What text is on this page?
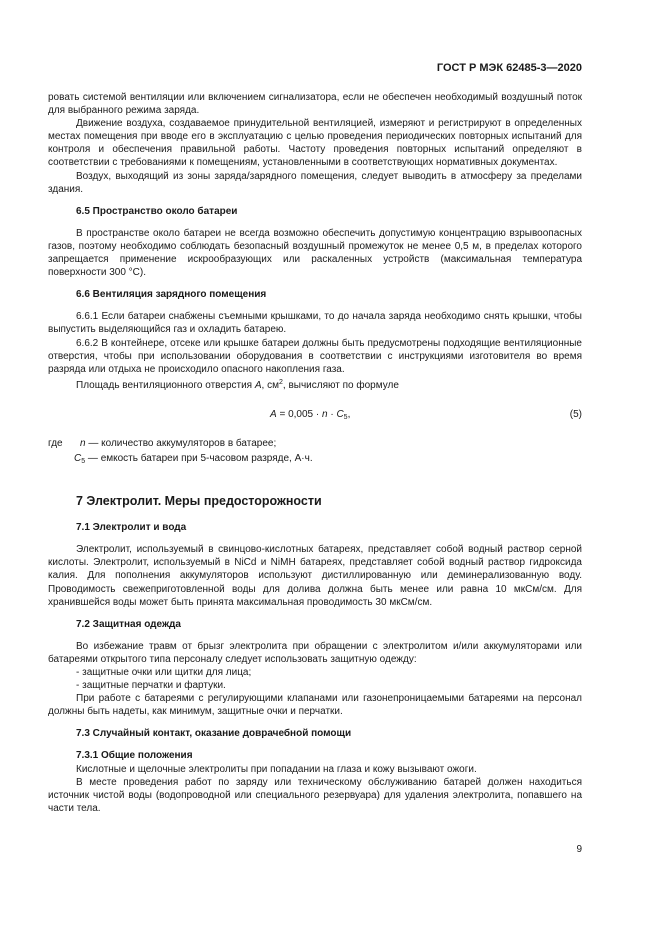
ГОСТ Р МЭК 62485-3—2020

ровать системой вентиляции или включением сигнализатора, если не обеспечен необходимый воздушный поток для выбранного режима заряда.

Движение воздуха, создаваемое принудительной вентиляцией, измеряют и регистрируют в определенных местах помещения при вводе его в эксплуатацию с целью проведения периодических повторных испытаний для контроля и обеспечения правильной работы. Частоту проведения повторных испытаний определяют в соответствии с требованиями к помещениям, установленными в соответствующих нормативных документах.

Воздух, выходящий из зоны заряда/зарядного помещения, следует выводить в атмосферу за пределами здания.

6.5 Пространство около батареи

В пространстве около батареи не всегда возможно обеспечить допустимую концентрацию взрывоопасных газов, поэтому необходимо соблюдать безопасный воздушный промежуток не менее 0,5 м, в пределах которого запрещается применение искрообразующих или раскаленных устройств (максимальная температура поверхности 300 °С).

6.6 Вентиляция зарядного помещения

6.6.1 Если батареи снабжены съемными крышками, то до начала заряда необходимо снять крышки, чтобы выпустить выделяющийся газ и охладить батарею.

6.6.2 В контейнере, отсеке или крышке батареи должны быть предусмотрены подходящие вентиляционные отверстия, чтобы при использовании оборудования в соответствии с инструкциями изготовителя во время разряда или отдыха не происходило опасного накопления газа.

Площадь вентиляционного отверстия А, $см^2$, вычисляют по формуле

$А = 0,005 \cdot n \cdot С_5$,	(5)
где n — количество аккумуляторов в батарее;
$С_5$ — емкость батареи при 5-часовом разряде, А·ч.
7 Электролит. Меры предосторожности
7.1 Электролит и вода

Электролит, используемый в свинцово-кислотных батареях, представляет собой водный раствор серной кислоты. Электролит, используемый в NiCd и NiMH батареях, представляет собой водный раствор гидроксида калия. Для пополнения аккумуляторов используют дистиллированную или деминерализованную воду. Проводимость свежеприготовленной воды для долива должна быть менее или равна 10 мкСм/см. Для хранившейся воды может быть принята максимальная проводимость 30 мкСм/см.

7.2 Защитная одежда

Во избежание травм от брызг электролита при обращении с электролитом и/или аккумуляторами или батареями открытого типа персоналу следует использовать защитную одежду:

- защитные очки или щитки для лица;

- защитные перчатки и фартуки.

При работе с батареями с регулирующими клапанами или газонепроницаемыми батареями на персонал должны быть надеты, как минимум, защитные очки и перчатки.

7.3 Случайный контакт, оказание доврачебной помощи
7.3.1 Общие положения

Кислотные и щелочные электролиты при попадании на глаза и кожу вызывают ожоги.

В месте проведения работ по заряду или техническому обслуживанию батарей должен находиться источник чистой воды (водопроводной или специального резервуара) для удаления электролита, попавшего на части тела.

9
